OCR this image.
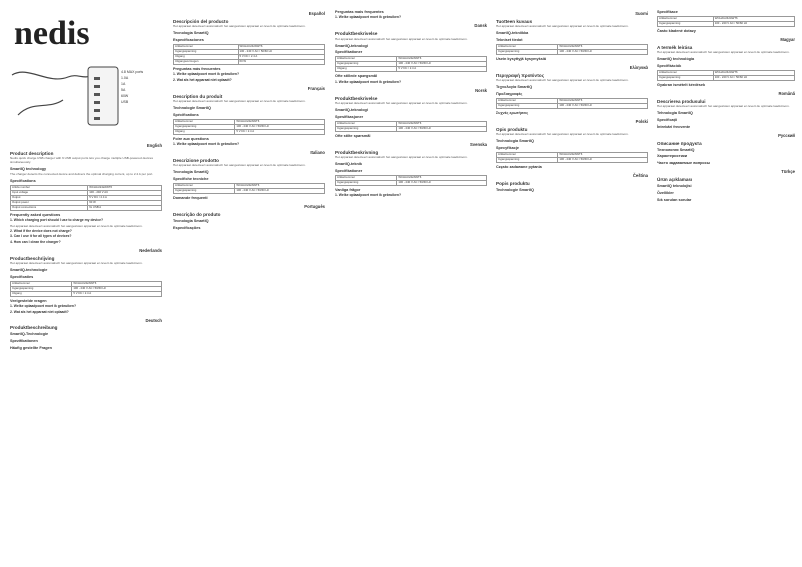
nedis
4.8 MAX ports
1.0A
1A
5A
60W
USB
English
Product description
Nedis quick charge USB charger with 6 USB output ports lets you charge multiple USB-powered devices simultaneously.
SmartIQ technology
The charger detects the connected device and delivers the optimal charging current, up to 2.4 A per port.
Specifications
Article number	WCHAU242AWT6
Input voltage	100 - 240 V AC
Output	5 V DC / 2.4 A
Output power	60 W
Output connections	6x USB A
Frequently asked questions
1. Which charging port should I use to charge my device?
Het apparaat detecteert automatisch het aangesloten apparaat en levert de optimale laadstroom.
2. What if the device does not charge?
3. Can I use it for all types of devices?
4. How can I clean the charger?
Nederlands
Productbeschrijving
Het apparaat detecteert automatisch het aangesloten apparaat en levert de optimale laadstroom.
SmartIQ-technologie
Specificaties
Artikelnummer	WCHAU242AWT6
Ingangsspanning	100 - 240 V AC / 50/60 Hz
Uitgang	5 V DC / 2.4 A
Veelgestelde vragen
1. Welke oplaadpoort moet ik gebruiken?
2. Wat als het apparaat niet oplaadt?
Deutsch
Produktbeschreibung
SmartIQ-Technologie
Spezifikationen
Häufig gestellte Fragen
Español
Descripción del producto
Het apparaat detecteert automatisch het aangesloten apparaat en levert de optimale laadstroom.
Tecnología SmartIQ
Especificaciones
Artikelnummer	WCHAU242AWT6
Ingangsspanning	100 - 240 V AC / 50/60 Hz
Uitgang	5 V DC / 2.4 A
Uitgangsvermogen	60 W
Preguntas más frecuentes
1. Welke oplaadpoort moet ik gebruiken?
2. Wat als het apparaat niet oplaadt?
Français
Description du produit
Het apparaat detecteert automatisch het aangesloten apparaat en levert de optimale laadstroom.
Technologie SmartIQ
Spécifications
Artikelnummer	WCHAU242AWT6
Ingangsspanning	100 - 240 V AC / 50/60 Hz
Uitgang	5 V DC / 2.4 A
Foire aux questions
1. Welke oplaadpoort moet ik gebruiken?
Italiano
Descrizione prodotto
Het apparaat detecteert automatisch het aangesloten apparaat en levert de optimale laadstroom.
Tecnologia SmartIQ
Specifiche tecniche
Artikelnummer	WCHAU242AWT6
Ingangsspanning	100 - 240 V AC / 50/60 Hz
Domande frequenti
Português
Descrição do produto
Tecnologia SmartIQ
Especificações
Perguntas mais frequentes
1. Welke oplaadpoort moet ik gebruiken?
Dansk
Produktbeskrivelse
Het apparaat detecteert automatisch het aangesloten apparaat en levert de optimale laadstroom.
SmartIQ-teknologi
Specifikationer
Artikelnummer	WCHAU242AWT6
Ingangsspanning	100 - 240 V AC / 50/60 Hz
Uitgang	5 V DC / 2.4 A
Ofte stillede spørgsmål
1. Welke oplaadpoort moet ik gebruiken?
Norsk
Produktbeskrivelse
Het apparaat detecteert automatisch het aangesloten apparaat en levert de optimale laadstroom.
SmartIQ-teknologi
Spesifikasjoner
Artikelnummer	WCHAU242AWT6
Ingangsspanning	100 - 240 V AC / 50/60 Hz
Ofte stilte spørsmål
Svenska
Produktbeskrivning
Het apparaat detecteert automatisch het aangesloten apparaat en levert de optimale laadstroom.
SmartIQ-teknik
Specifikationer
Artikelnummer	WCHAU242AWT6
Ingangsspanning	100 - 240 V AC / 50/60 Hz
Vanliga frågor
1. Welke oplaadpoort moet ik gebruiken?
Suomi
Tuotteen kuvaus
Het apparaat detecteert automatisch het aangesloten apparaat en levert de optimale laadstroom.
SmartIQ-tekniikka
Tekniset tiedot
Artikelnummer	WCHAU242AWT6
Ingangsspanning	100 - 240 V AC / 50/60 Hz
Usein kysyttyjä kysymyksiä
Ελληνικά
Περιγραφή προϊόντος
Het apparaat detecteert automatisch het aangesloten apparaat en levert de optimale laadstroom.
Τεχνολογία SmartIQ
Προδιαγραφές
Artikelnummer	WCHAU242AWT6
Ingangsspanning	100 - 240 V AC / 50/60 Hz
Συχνές ερωτήσεις
Polski
Opis produktu
Het apparaat detecteert automatisch het aangesloten apparaat en levert de optimale laadstroom.
Technologia SmartIQ
Specyfikacje
Artikelnummer	WCHAU242AWT6
Ingangsspanning	100 - 240 V AC / 50/60 Hz
Często zadawane pytania
Čeština
Popis produktu
Technologie SmartIQ
Specifikace
Artikelnummer	WCHAU242AWT6
Ingangsspanning	100 - 240 V AC / 50/60 Hz
Často kladené dotazy
Magyar
A termék leírása
Het apparaat detecteert automatisch het aangesloten apparaat en levert de optimale laadstroom.
SmartIQ technológia
Specifikációk
Artikelnummer	WCHAU242AWT6
Ingangsspanning	100 - 240 V AC / 50/60 Hz
Gyakran ismételt kérdések
Română
Descrierea produsului
Het apparaat detecteert automatisch het aangesloten apparaat en levert de optimale laadstroom.
Tehnologia SmartIQ
Specificații
Întrebări frecvente
Русский
Описание продукта
Технология SmartIQ
Характеристики
Часто задаваемые вопросы
Türkçe
Ürün açıklaması
SmartIQ teknolojisi
Özellikler
Sık sorulan sorular
